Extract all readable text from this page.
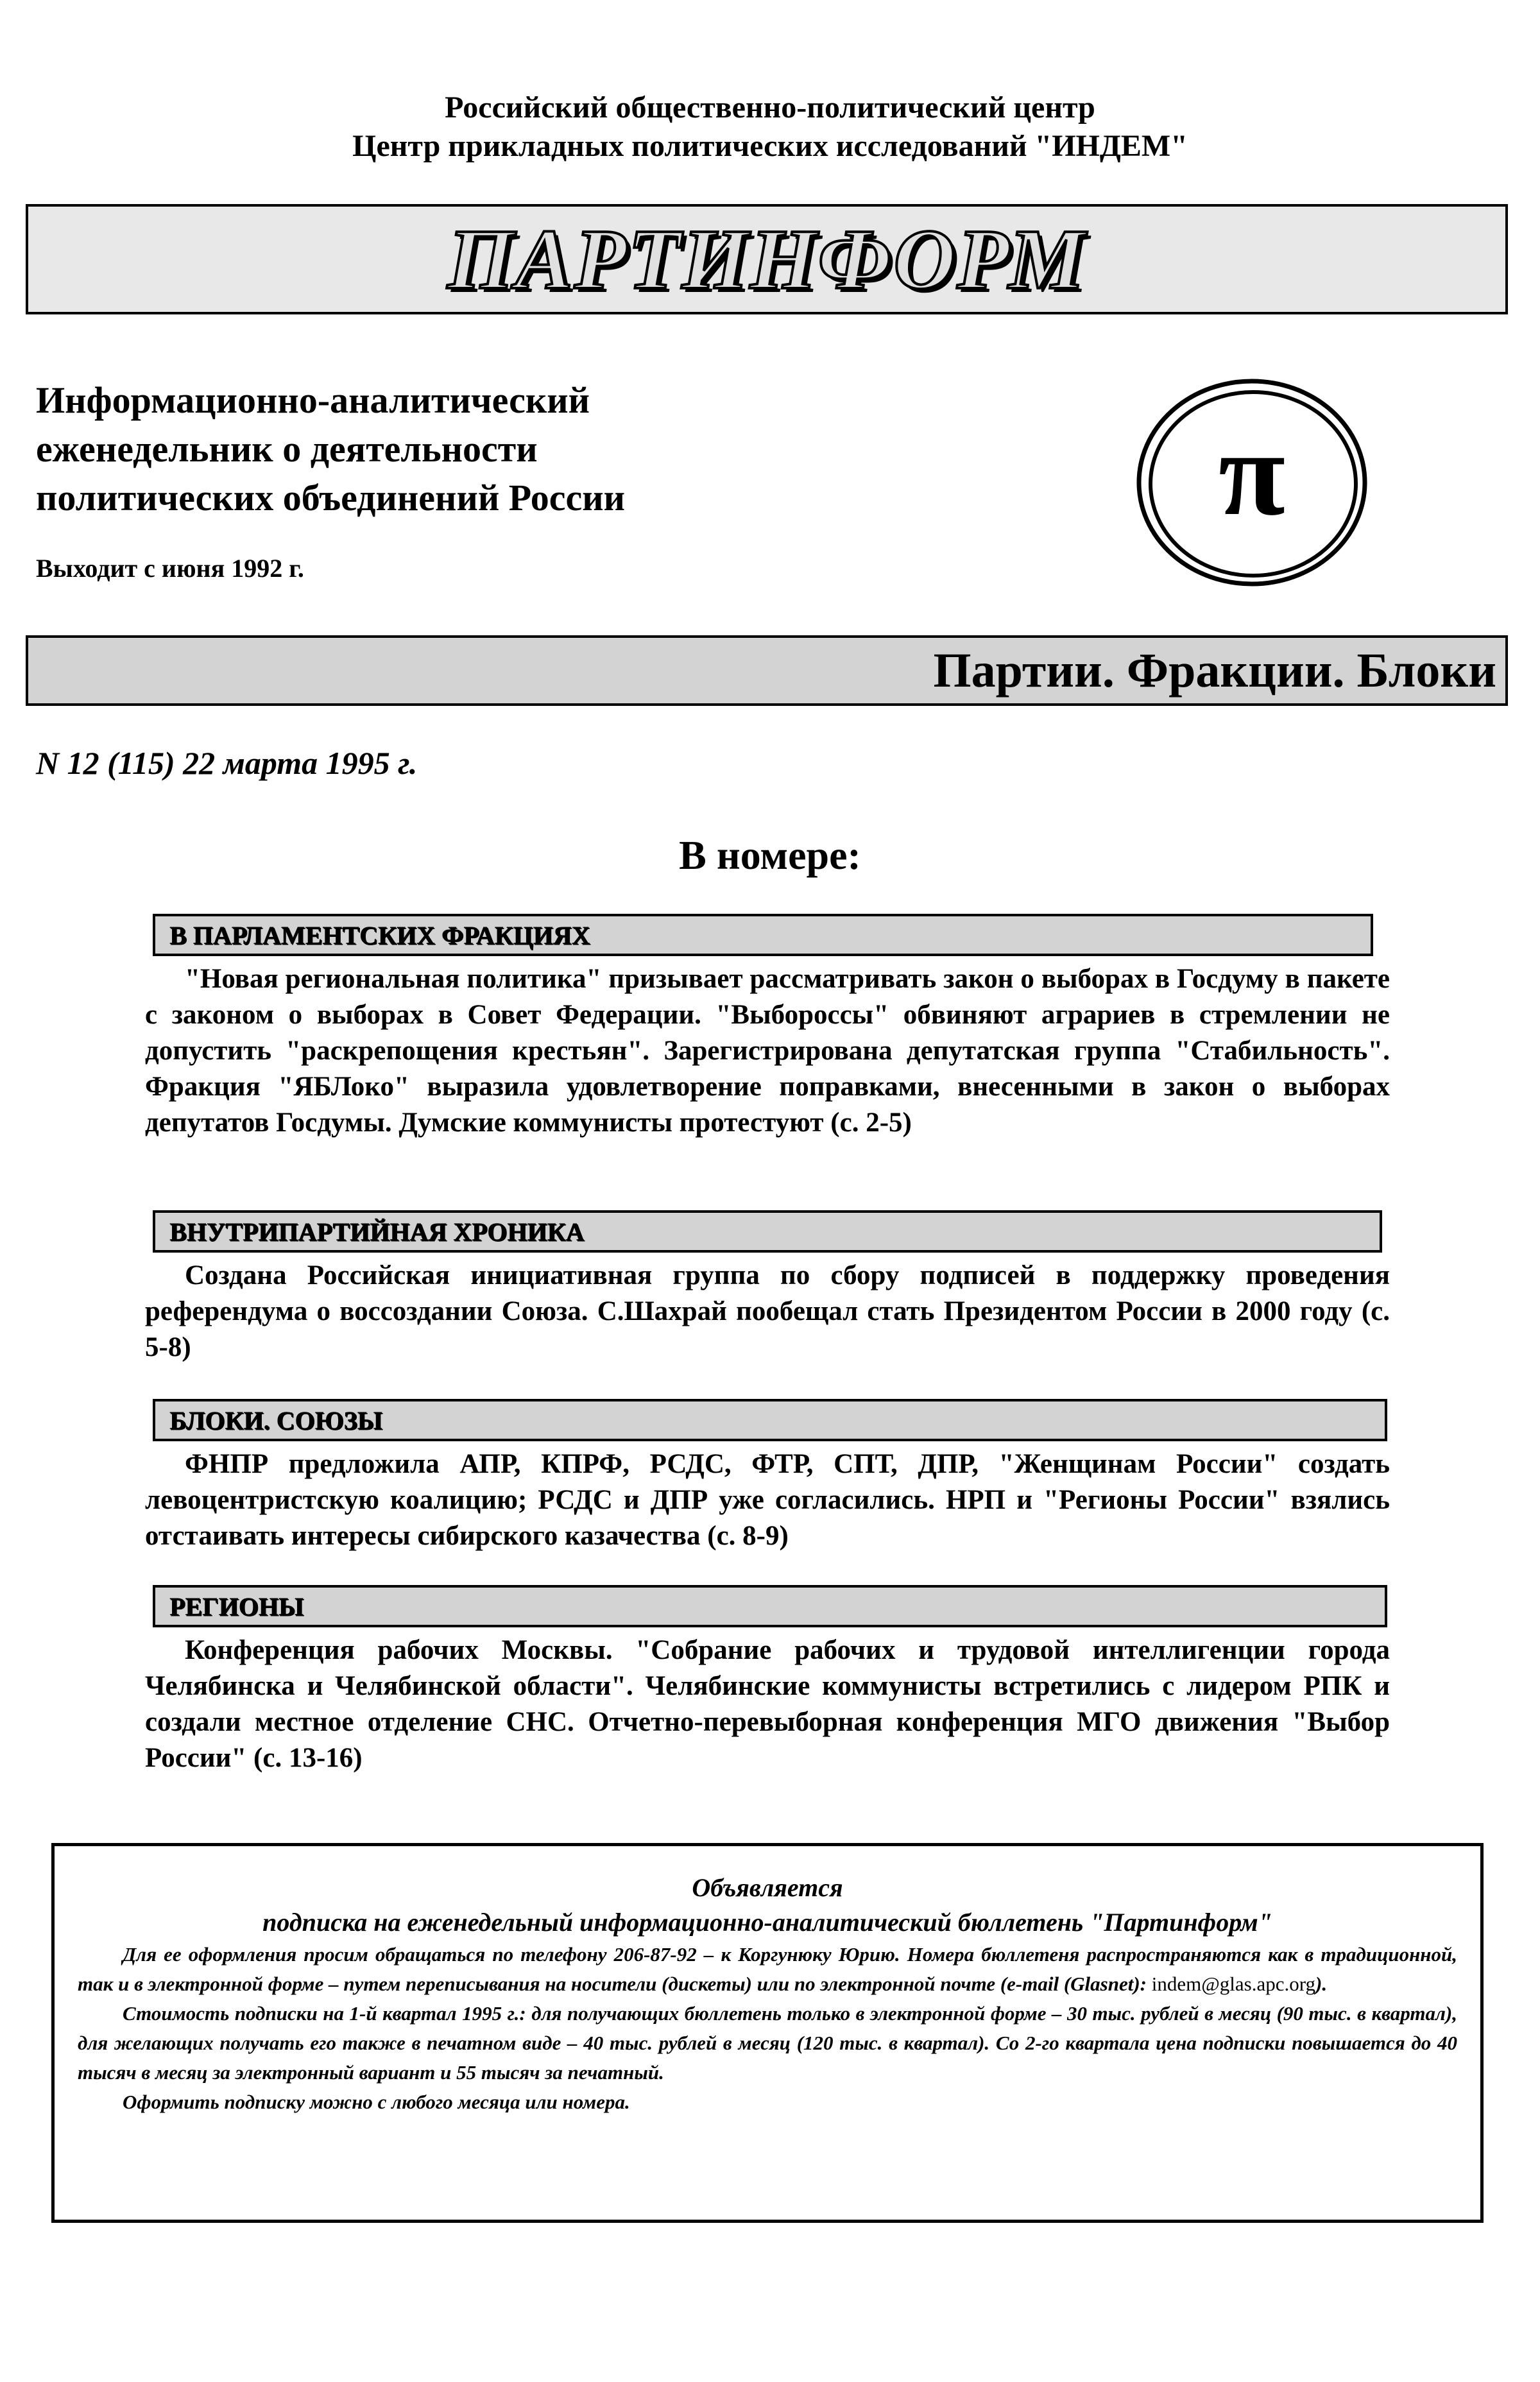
Российский общественно-политический центр
Центр прикладных политических исследований "ИНДЕМ"
ПАРТИНФОРМ
Информационно-аналитический
еженедельник о деятельности
политических объединений России
Выходит с июня 1992 г.
π
Партии. Фракции. Блоки
N 12 (115) 22 марта 1995 г.
В номере:
В ПАРЛАМЕНТСКИХ ФРАКЦИЯХ
"Новая региональная политика" призывает рассматривать закон о выборах в Госдуму в пакете с законом о выборах в Совет Федерации. "Выбороссы" обвиняют аграриев в стремлении не допустить "раскрепощения крестьян". Зарегистрирована депутатская группа "Стабильность". Фракция "ЯБЛоко" выразила удовлетворение поправками, внесенными в закон о выборах депутатов Госдумы. Думские коммунисты протестуют (с. 2-5)
ВНУТРИПАРТИЙНАЯ ХРОНИКА
Создана Российская инициативная группа по сбору подписей в поддержку проведения референдума о воссоздании Союза. С.Шахрай пообещал стать Президентом России в 2000 году (с. 5-8)
БЛОКИ. СОЮЗЫ
ФНПР предложила АПР, КПРФ, РСДС, ФТР, СПТ, ДПР, "Женщинам России" создать левоцентристскую коалицию; РСДС и ДПР уже согласились. НРП и "Регионы России" взялись отстаивать интересы сибирского казачества (с. 8-9)
РЕГИОНЫ
Конференция рабочих Москвы. "Собрание рабочих и трудовой интеллигенции города Челябинска и Челябинской области". Челябинские коммунисты встретились с лидером РПК и создали местное отделение СНС. Отчетно-перевыборная конференция МГО движения "Выбор России" (с. 13-16)
Объявляется
подписка на еженедельный информационно-аналитический бюллетень "Партинформ"

Для ее оформления просим обращаться по телефону 206-87-92 – к Коргунюку Юрию. Номера бюллетеня распространяются как в традиционной, так и в электронной форме – путем переписывания на носители (дискеты) или по электронной почте (e-mail (Glasnet): indem@glas.apc.org).

Стоимость подписки на 1-й квартал 1995 г.: для получающих бюллетень только в электронной форме – 30 тыс. рублей в месяц (90 тыс. в квартал), для желающих получать его также в печатном виде – 40 тыс. рублей в месяц (120 тыс. в квартал). Со 2-го квартала цена подписки повышается до 40 тысяч в месяц за электронный вариант и 55 тысяч за печатный.

Оформить подписку можно с любого месяца или номера.
